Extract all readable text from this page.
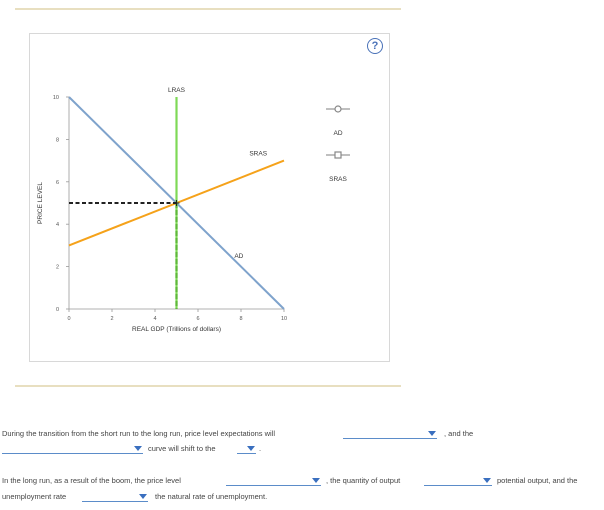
?
0	2	4	6	8	10
0
2
4
6
8
10
REAL GDP (Trillions of dollars)
PRICE LEVEL
LRAS
SRAS
AD
AD
SRAS
During the transition from the short run to the long run, price level expectations will	, and the
curve will shift to the	.
In the long run, as a result of the boom, the price level	, the quantity of output	potential output, and the
unemployment rate	the natural rate of unemployment.
